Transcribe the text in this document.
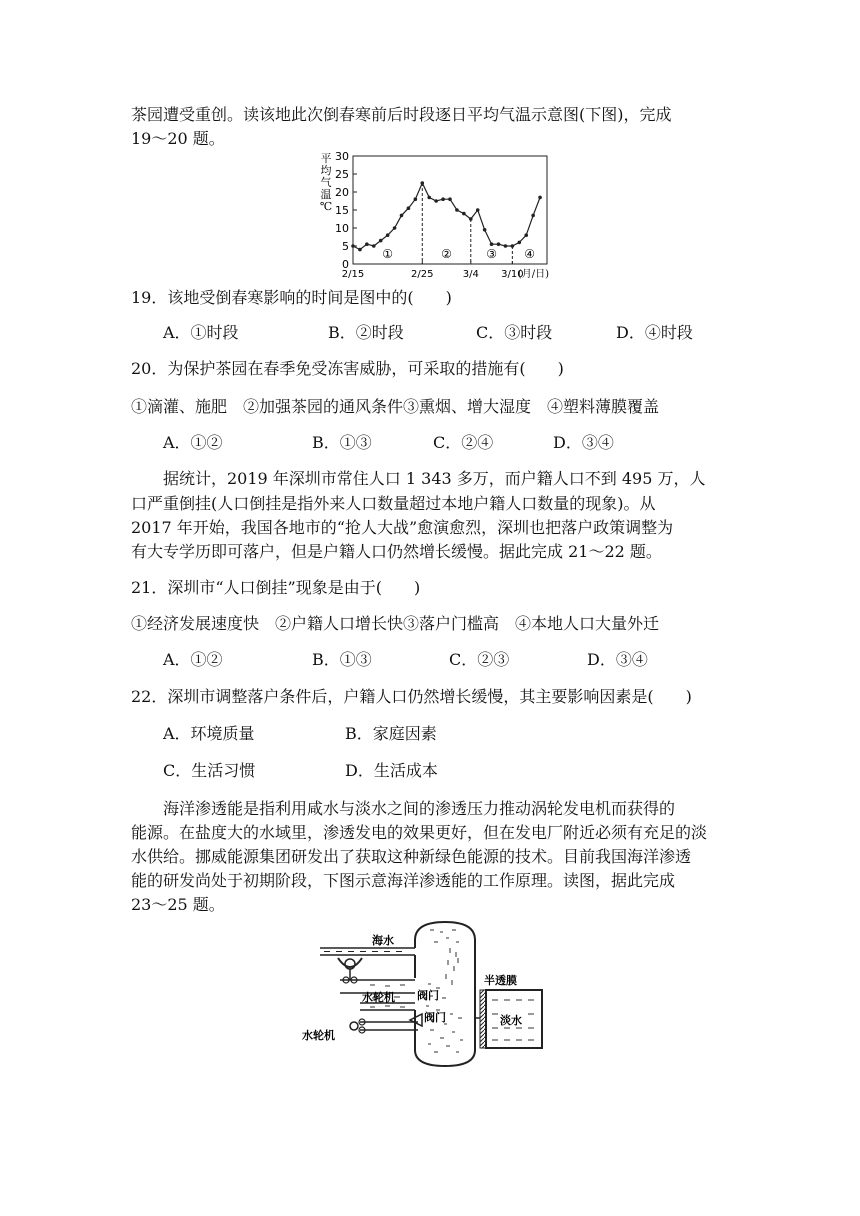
茶园遭受重创。读该地此次倒春寒前后时段逐日平均气温示意图(下图)，完成
19～20 题。
0
5
10
15
20
25
30
平
均
气
温
℃
①	②	③ ④
2/15	2/25	3/4 3/10
(月/日)
19．该地受倒春寒影响的时间是图中的(　　)
A．①时段	B．②时段	C．③时段	D．④时段
20．为保护茶园在春季免受冻害威胁，可采取的措施有(　　)
①滴灌、施肥　②加强茶园的通风条件③熏烟、增大湿度　④塑料薄膜覆盖
A．①②	B．①③	C．②④	D．③④
据统计，2019 年深圳市常住人口 1 343 多万，而户籍人口不到 495 万，人
口严重倒挂(人口倒挂是指外来人口数量超过本地户籍人口数量的现象)。从
2017 年开始，我国各地市的“抢人大战”愈演愈烈，深圳也把落户政策调整为
有大专学历即可落户，但是户籍人口仍然增长缓慢。据此完成 21～22 题。
21．深圳市“人口倒挂”现象是由于(　　)
①经济发展速度快　②户籍人口增长快③落户门槛高　④本地人口大量外迁
A．①②	B．①③	C．②③	D．③④
22．深圳市调整落户条件后，户籍人口仍然增长缓慢，其主要影响因素是(　　)
A．环境质量	B．家庭因素
C．生活习惯	D．生活成本
海洋渗透能是指利用咸水与淡水之间的渗透压力推动涡轮发电机而获得的
能源。在盐度大的水域里，渗透发电的效果更好，但在发电厂附近必须有充足的淡
水供给。挪威能源集团研发出了获取这种新绿色能源的技术。目前我国海洋渗透
能的研发尚处于初期阶段，下图示意海洋渗透能的工作原理。读图，据此完成
23～25 题。
海水
水轮机 阀门
阀门
水轮机
半透膜
淡水
